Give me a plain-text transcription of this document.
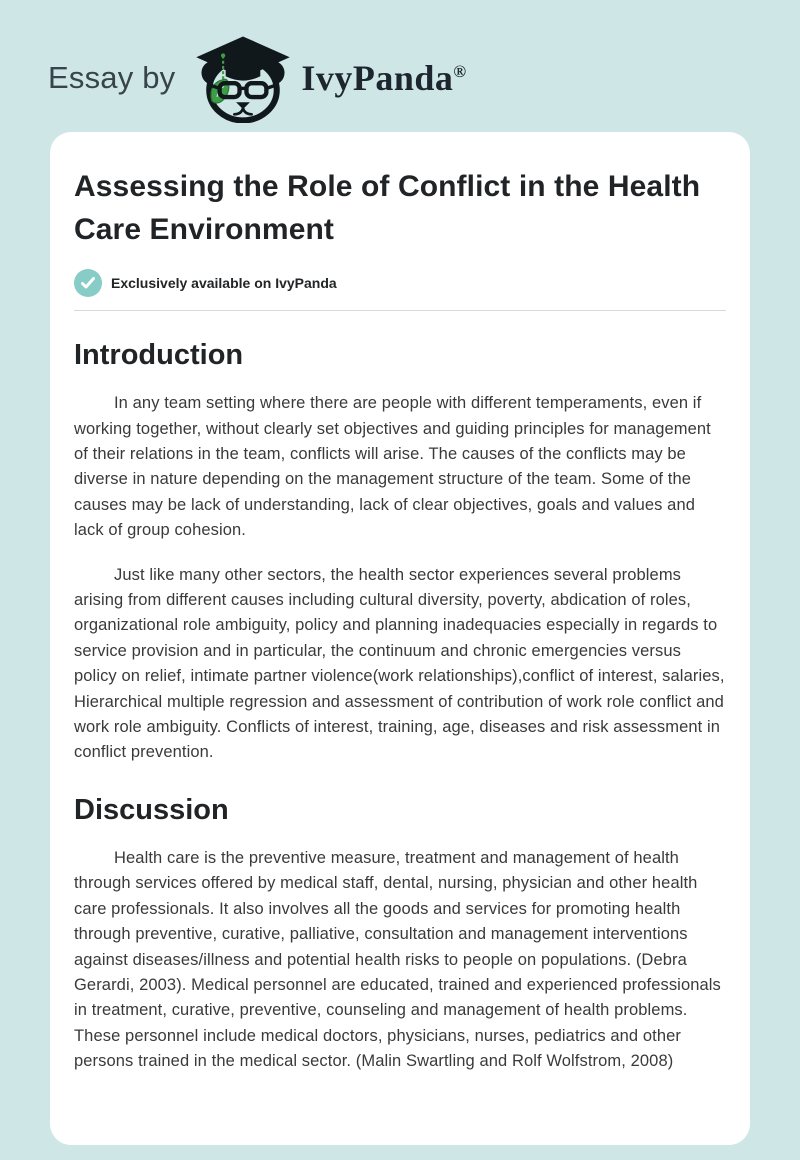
Essay by	IvyPanda®
Assessing the Role of Conflict in the Health Care Environment
Exclusively available on IvyPanda
Introduction

In any team setting where there are people with different temperaments, even if working together, without clearly set objectives and guiding principles for management of their relations in the team, conflicts will arise. The causes of the conflicts may be diverse in nature depending on the management structure of the team. Some of the causes may be lack of understanding, lack of clear objectives, goals and values and lack of group cohesion.

Just like many other sectors, the health sector experiences several problems arising from different causes including cultural diversity, poverty, abdication of roles, organizational role ambiguity, policy and planning inadequacies especially in regards to service provision and in particular, the continuum and chronic emergencies versus policy on relief, intimate partner violence(work relationships),conflict of interest, salaries, Hierarchical multiple regression and assessment of contribution of work role conflict and work role ambiguity. Conflicts of interest, training, age, diseases and risk assessment in conflict prevention.

Discussion

Health care is the preventive measure, treatment and management of health through services offered by medical staff, dental, nursing, physician and other health care professionals. It also involves all the goods and services for promoting health through preventive, curative, palliative, consultation and management interventions against diseases/illness and potential health risks to people on populations. (Debra Gerardi, 2003). Medical personnel are educated, trained and experienced professionals in treatment, curative, preventive, counseling and management of health problems. These personnel include medical doctors, physicians, nurses, pediatrics and other persons trained in the medical sector. (Malin Swartling and Rolf Wolfstrom, 2008)
